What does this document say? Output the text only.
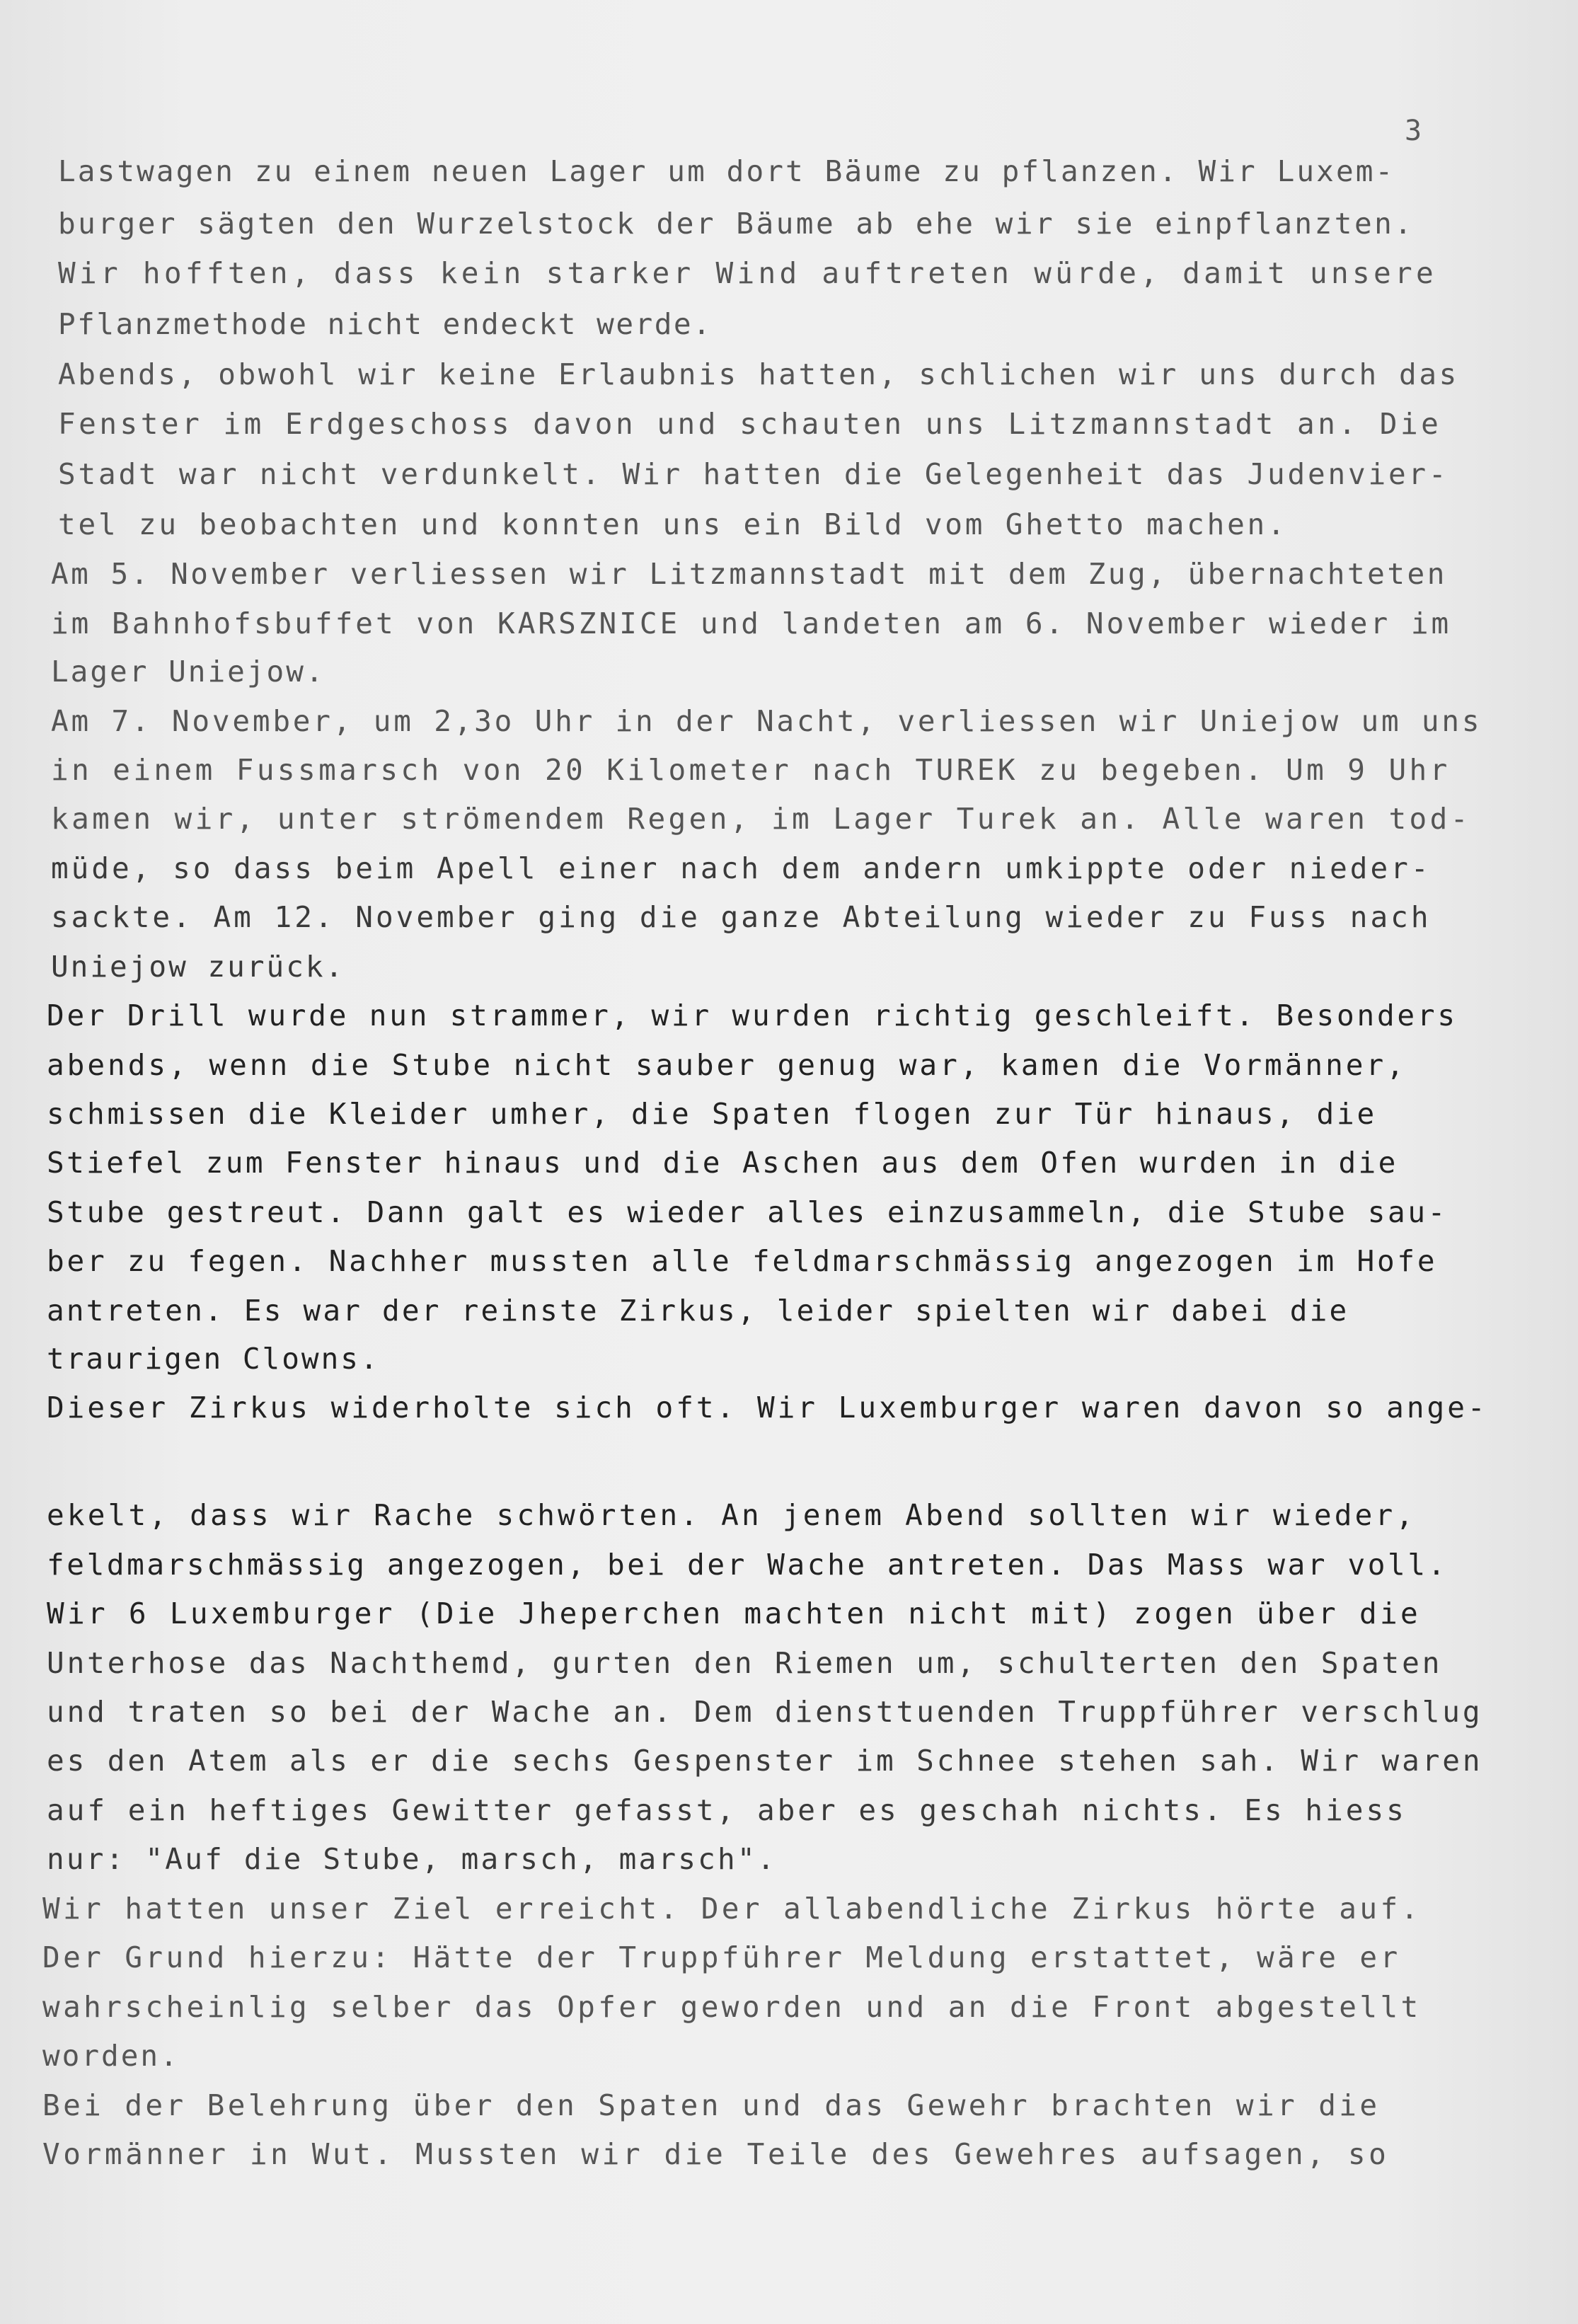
3

Lastwagen zu einem neuen Lager um dort Bäume zu pflanzen. Wir Luxem-

burger sägten den Wurzelstock der Bäume ab ehe wir sie einpflanzten.

Wir hofften, dass kein starker Wind auftreten würde, damit unsere

Pflanzmethode nicht endeckt werde.

Abends, obwohl wir keine Erlaubnis hatten, schlichen wir uns durch das

Fenster im Erdgeschoss davon und schauten uns Litzmannstadt an. Die

Stadt war nicht verdunkelt. Wir hatten die Gelegenheit das Judenvier-

tel zu beobachten und konnten uns ein Bild vom Ghetto machen.

Am 5. November verliessen wir Litzmannstadt mit dem Zug, übernachteten

im Bahnhofsbuffet von KARSZNICE und landeten am 6. November wieder im

Lager Uniejow.

Am 7. November, um 2,3o Uhr in der Nacht, verliessen wir Uniejow um uns

in einem Fussmarsch von 20 Kilometer nach TUREK zu begeben. Um 9 Uhr

kamen wir, unter strömendem Regen, im Lager Turek an. Alle waren tod-

müde, so dass beim Apell einer nach dem andern umkippte oder nieder-

sackte. Am 12. November ging die ganze Abteilung wieder zu Fuss nach

Uniejow zurück.

Der Drill wurde nun strammer, wir wurden richtig geschleift. Besonders

abends, wenn die Stube nicht sauber genug war, kamen die Vormänner,

schmissen die Kleider umher, die Spaten flogen zur Tür hinaus, die

Stiefel zum Fenster hinaus und die Aschen aus dem Ofen wurden in die

Stube gestreut. Dann galt es wieder alles einzusammeln, die Stube sau-

ber zu fegen. Nachher mussten alle feldmarschmässig angezogen im Hofe

antreten. Es war der reinste Zirkus, leider spielten wir dabei die

traurigen Clowns.

Dieser Zirkus widerholte sich oft. Wir Luxemburger waren davon so ange-

ekelt, dass wir Rache schwörten. An jenem Abend sollten wir wieder,

feldmarschmässig angezogen, bei der Wache antreten. Das Mass war voll.

Wir 6 Luxemburger (Die Jheperchen machten nicht mit) zogen über die

Unterhose das Nachthemd, gurten den Riemen um, schulterten den Spaten

und traten so bei der Wache an. Dem diensttuenden Truppführer verschlug

es den Atem als er die sechs Gespenster im Schnee stehen sah. Wir waren

auf ein heftiges Gewitter gefasst, aber es geschah nichts. Es hiess

nur: "Auf die Stube, marsch, marsch".

Wir hatten unser Ziel erreicht. Der allabendliche Zirkus hörte auf.

Der Grund hierzu: Hätte der Truppführer Meldung erstattet, wäre er

wahrscheinlig selber das Opfer geworden und an die Front abgestellt

worden.

Bei der Belehrung über den Spaten und das Gewehr brachten wir die

Vormänner in Wut. Mussten wir die Teile des Gewehres aufsagen, so
